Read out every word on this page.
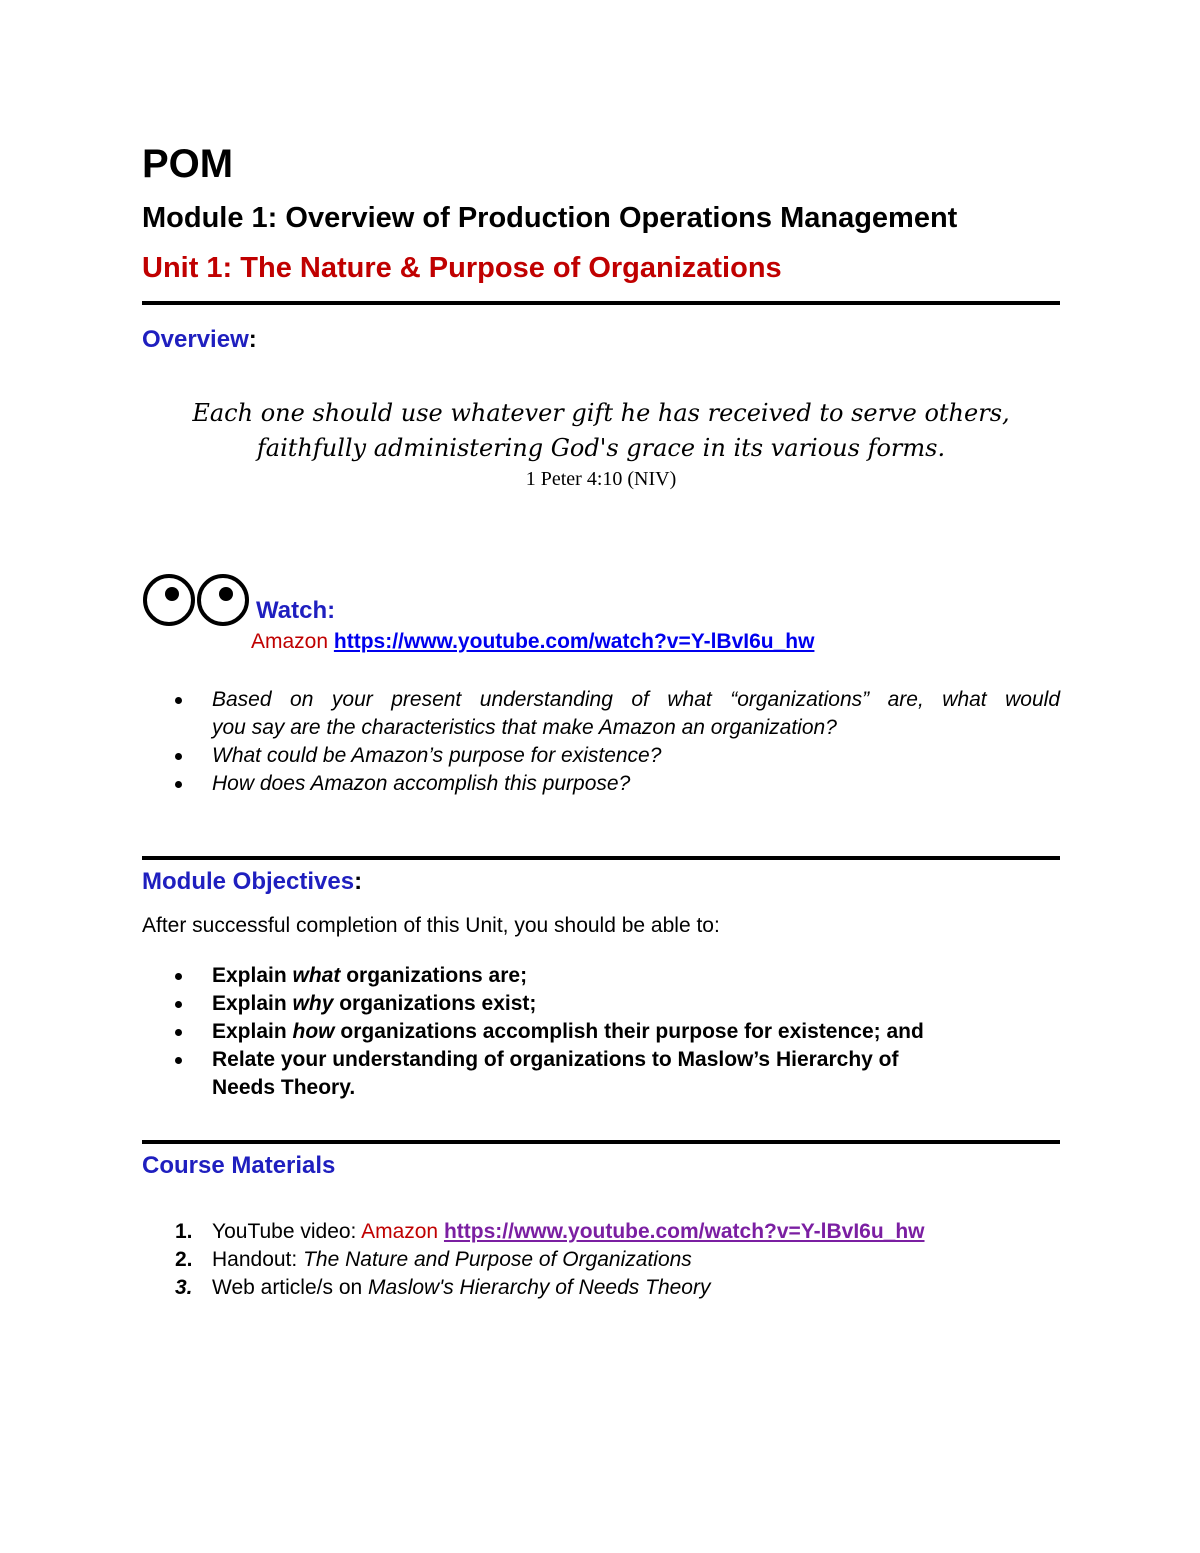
POM
Module 1: Overview of Production Operations Management
Unit 1: The Nature & Purpose of Organizations
Overview:
Each one should use whatever gift he has received to serve others,
faithfully administering God's grace in its various forms.
1 Peter 4:10 (NIV)
Watch:
Amazon https://www.youtube.com/watch?v=Y-lBvI6u_hw
Based on your present understanding of what “organizations” are, what would
you say are the characteristics that make Amazon an organization?
What could be Amazon’s purpose for existence?
How does Amazon accomplish this purpose?
Module Objectives:
After successful completion of this Unit, you should be able to:
Explain what organizations are;
Explain why organizations exist;
Explain how organizations accomplish their purpose for existence; and
Relate your understanding of organizations to Maslow’s Hierarchy of
Needs Theory.
Course Materials
1. YouTube video: Amazon https://www.youtube.com/watch?v=Y-lBvI6u_hw
2. Handout: The Nature and Purpose of Organizations
3. Web article/s on Maslow's Hierarchy of Needs Theory
